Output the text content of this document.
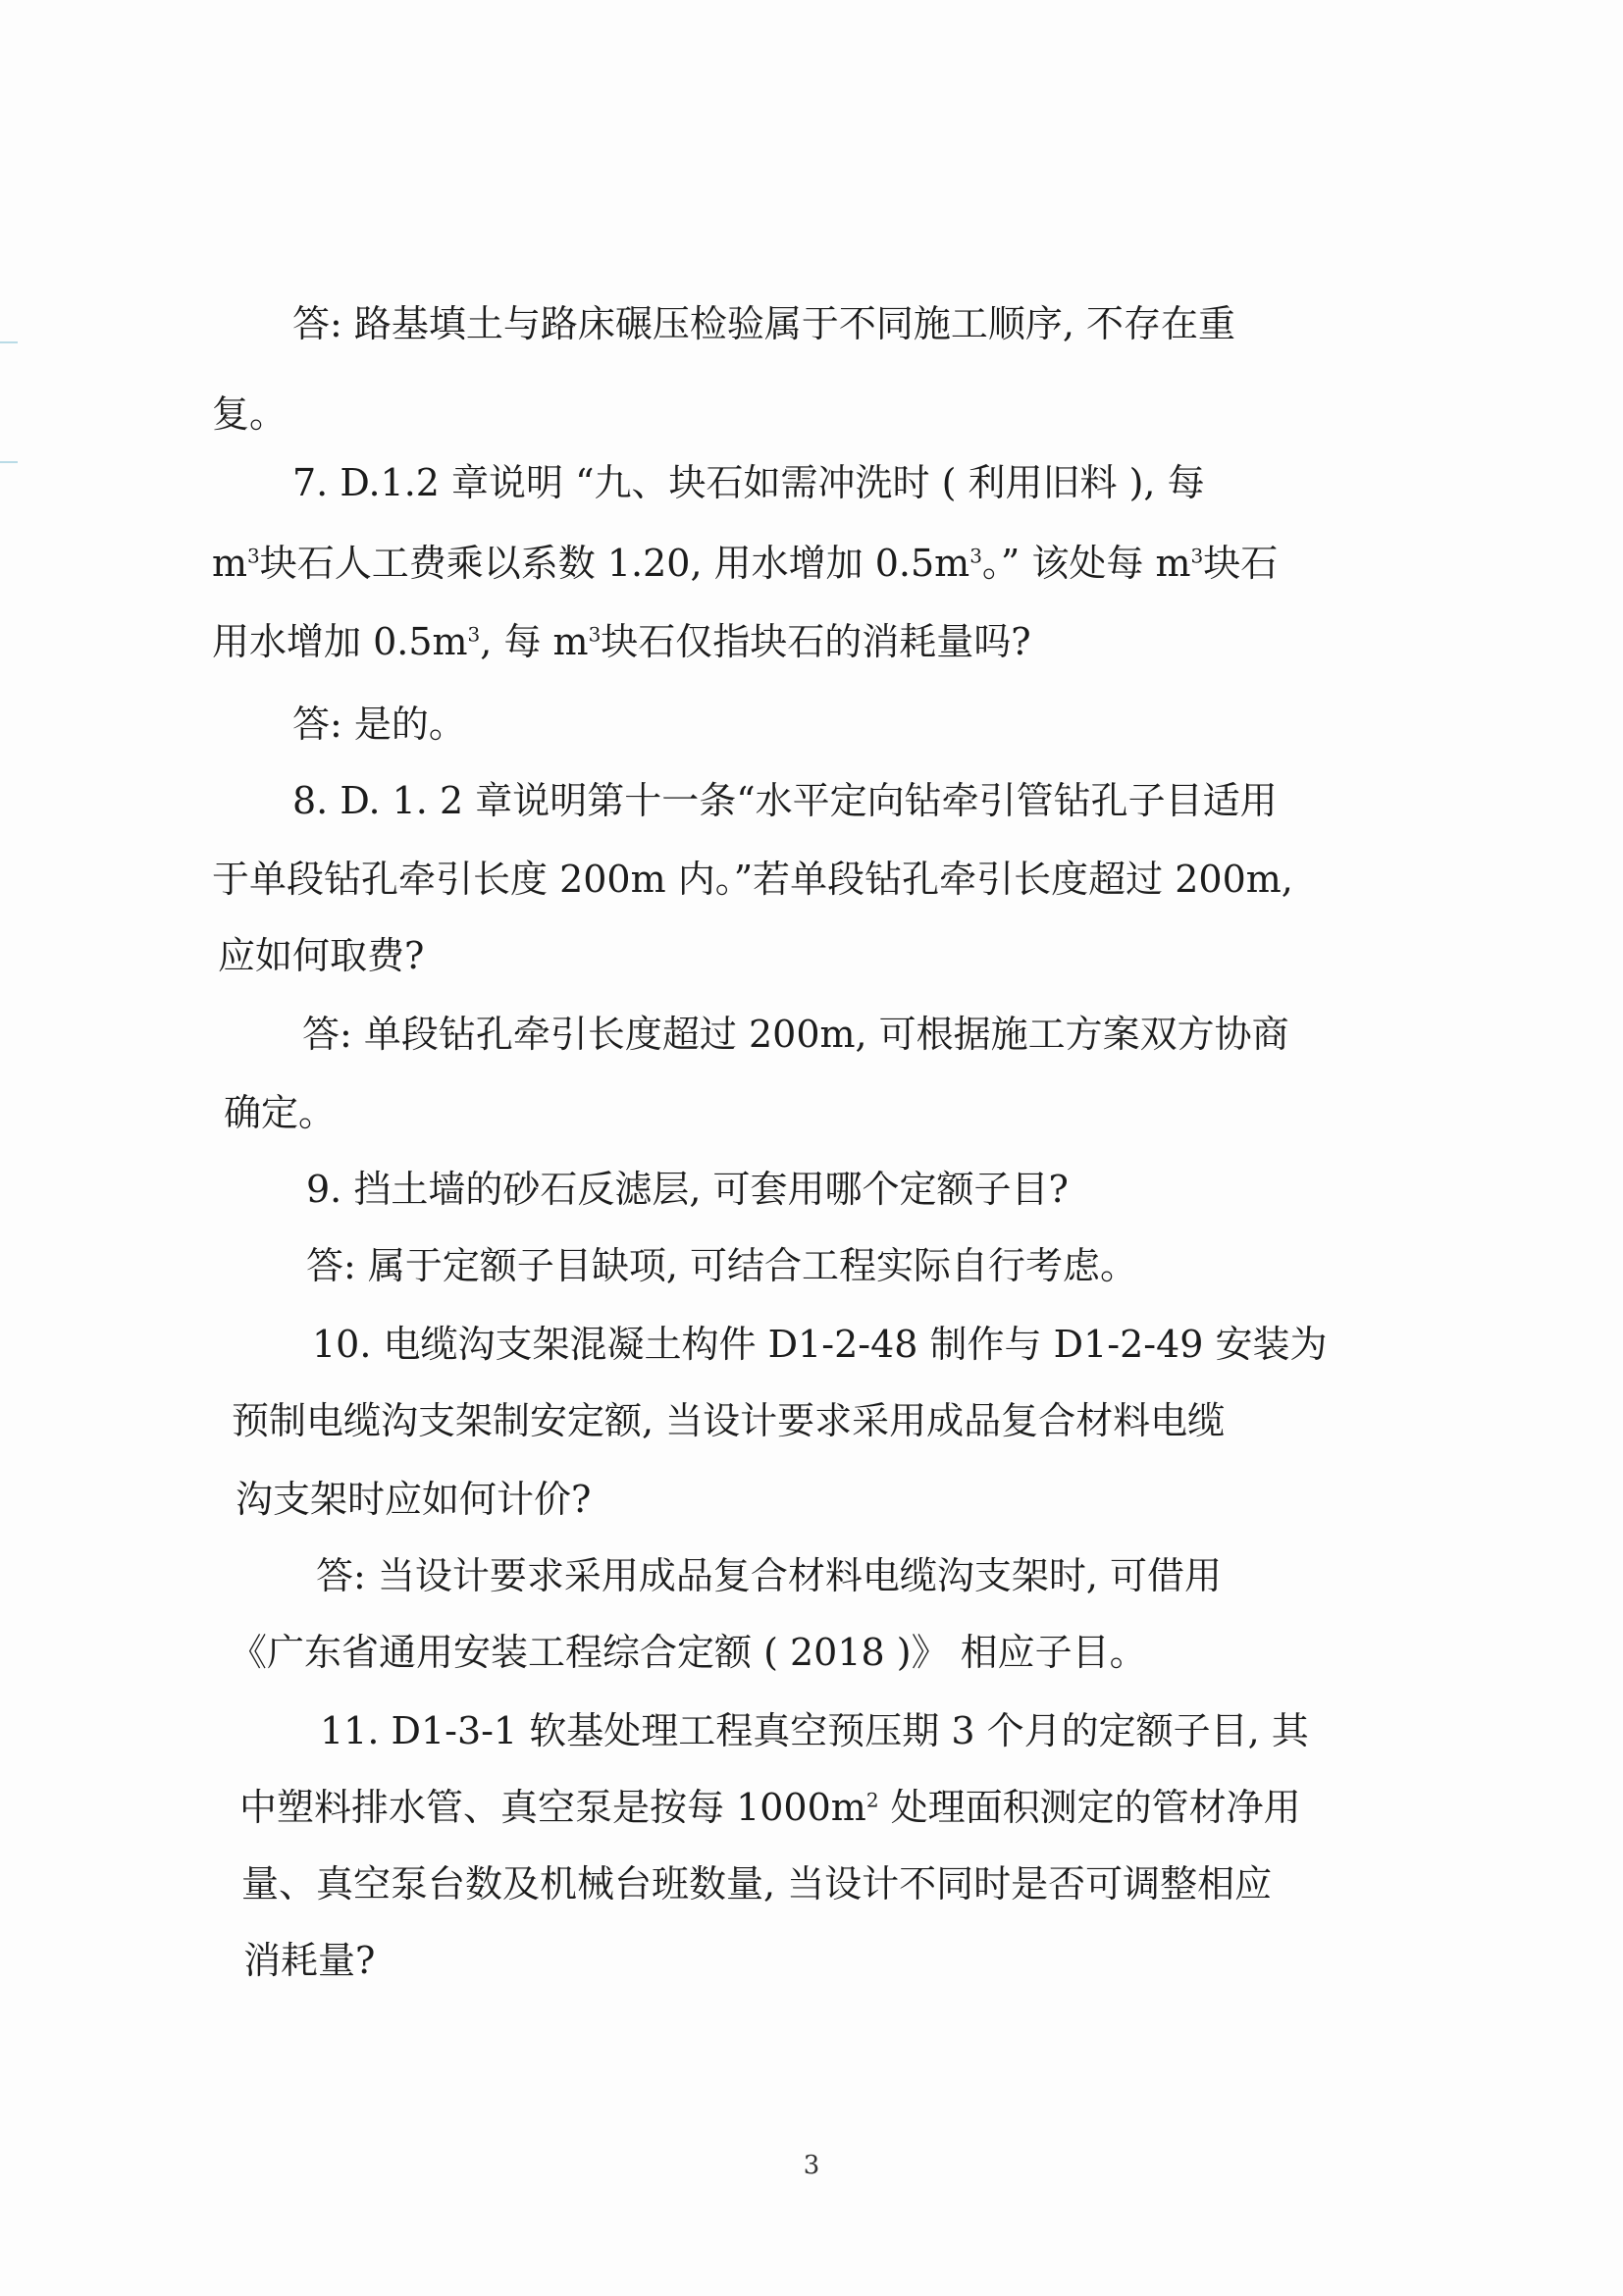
答: 路基填土与路床碾压检验属于不同施工顺序, 不存在重

复。

7. D.1.2 章说明 “九、块石如需冲洗时 ( 利用旧料 ), 每

$m^3$块石人工费乘以系数 1.20, 用水增加 $0.5m^3$。” 该处每 $m^3$块石

用水增加 $0.5m^3$, 每 $m^3$块石仅指块石的消耗量吗?

答: 是的。

8. D. 1. 2 章说明第十一条“水平定向钻牵引管钻孔子目适用

于单段钻孔牵引长度 200m 内。”若单段钻孔牵引长度超过 200m,

应如何取费?

答: 单段钻孔牵引长度超过 200m, 可根据施工方案双方协商

确定。

9. 挡土墙的砂石反滤层, 可套用哪个定额子目?

答: 属于定额子目缺项, 可结合工程实际自行考虑。

10. 电缆沟支架混凝土构件 D1-2-48 制作与 D1-2-49 安装为

预制电缆沟支架制安定额, 当设计要求采用成品复合材料电缆

沟支架时应如何计价?

答: 当设计要求采用成品复合材料电缆沟支架时, 可借用

《广东省通用安装工程综合定额 ( 2018 )》 相应子目。

11. D1-3-1 软基处理工程真空预压期 3 个月的定额子目, 其

中塑料排水管、真空泵是按每 $1000m^2$ 处理面积测定的管材净用

量、真空泵台数及机械台班数量, 当设计不同时是否可调整相应

消耗量?

3
